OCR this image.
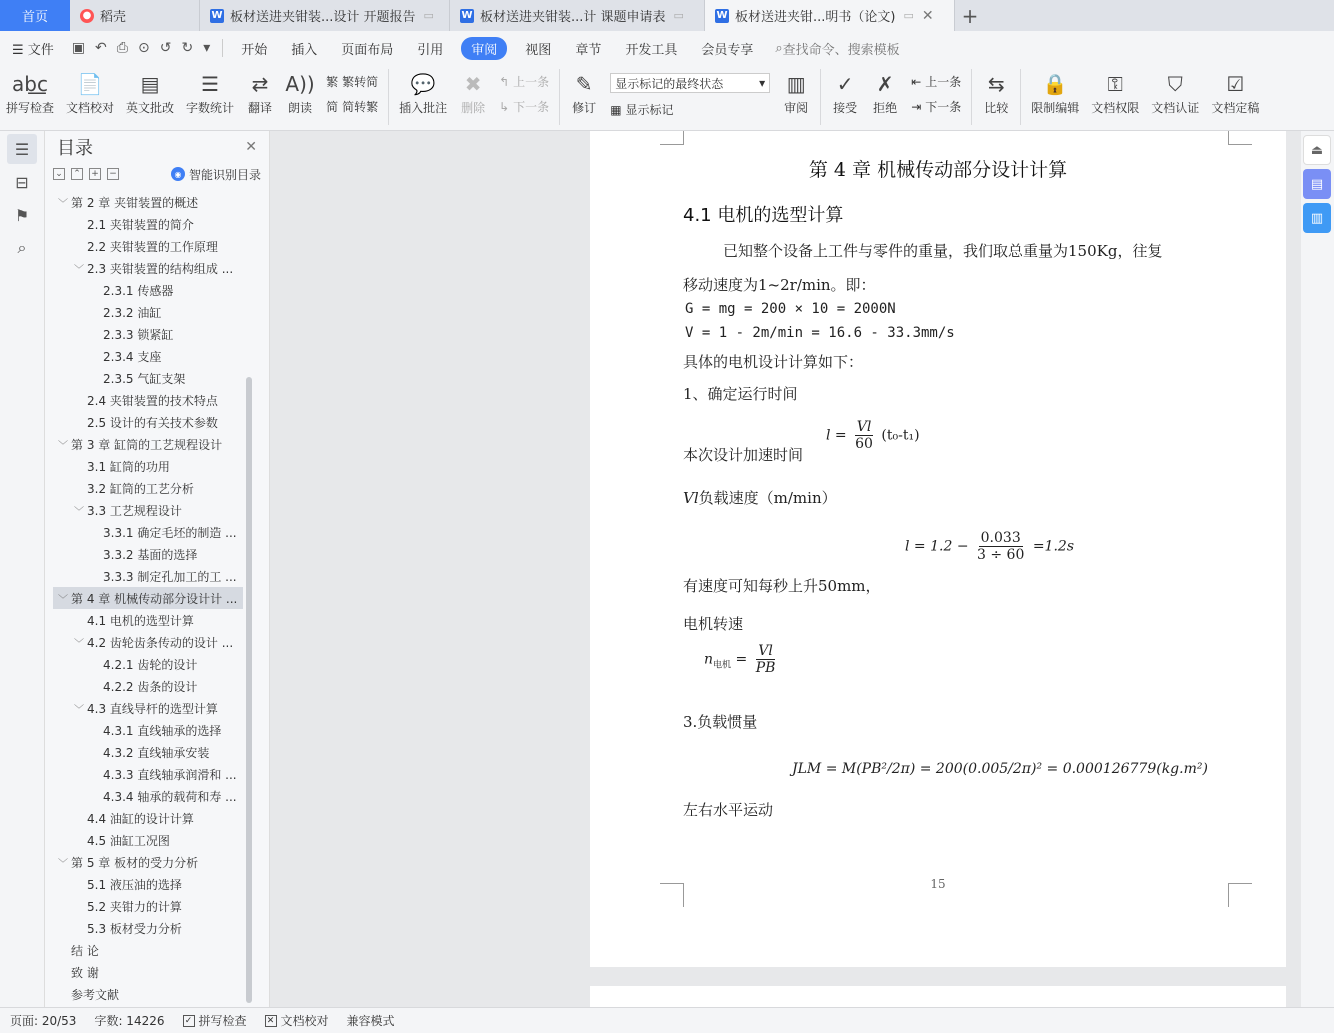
首页	● 稻壳	W 板材送进夹钳装...设计 开题报告 ▭	W 板材送进夹钳装...计 课题申请表 ▭	W 板材送进夹钳...明书（论文) ▭ ✕	+
☰ 文件	▣ ↶ ⎙ ⊙ ↺ ↻ ▾	开始	插入	页面布局	引用	审阅	视图	章节	开发工具	会员专享	⌕ 查找命令、搜索模板
ab͟c
拼写检查
📄
文档校对
▤
英文批改
☰
字数统计
⇄
翻译
A))
朗读
繁 繁转简
简 简转繁
💬
插入批注
✖
删除
↰ 上一条
↳ 下一条
✎
修订
显示标记的最终状态	▾
▦ 显示标记
▥
审阅
✓
接受
✗
拒绝
⇤ 上一条
⇥ 下一条
⇆
比较
🔒
限制编辑
⚿
文档权限
⛉
文档认证
☑
文档定稿
☰
⊟
⚑
⌕
目录	✕
⌄ ⌃ + −	◉ 智能识别目录
﹀ 第 2 章 夹钳装置的概述
2.1 夹钳装置的简介
2.2 夹钳装置的工作原理
﹀ 2.3 夹钳装置的结构组成 ...
2.3.1 传感器
2.3.2 油缸
2.3.3 锁紧缸
2.3.4 支座
2.3.5 气缸支架
2.4 夹钳装置的技术特点
2.5 设计的有关技术参数
﹀ 第 3 章 缸筒的工艺规程设计
3.1 缸筒的功用
3.2 缸筒的工艺分析
﹀ 3.3 工艺规程设计
3.3.1 确定毛坯的制造 ...
3.3.2 基面的选择
3.3.3 制定孔加工的工 ...
﹀ 第 4 章 机械传动部分设计计 ...
4.1 电机的选型计算
﹀ 4.2 齿轮齿条传动的设计 ...
4.2.1 齿轮的设计
4.2.2 齿条的设计
﹀ 4.3 直线导杆的选型计算
4.3.1 直线轴承的选择
4.3.2 直线轴承安装
4.3.3 直线轴承润滑和 ...
4.3.4 轴承的载荷和寿 ...
4.4 油缸的设计计算
4.5 油缸工况图
﹀ 第 5 章 板材的受力分析
5.1 液压油的选择
5.2 夹钳力的计算
5.3 板材受力分析
结 论
致 谢
参考文献
第 4 章 机械传动部分设计计算
4.1 电机的选型计算
已知整个设备上工件与零件的重量，我们取总重量为150Kg，往复
移动速度为1~2r/min。即：
G = mg = 200 × 10 = 2000N
V = 1 - 2m/min = 16.6 - 33.3mm/s
具体的电机设计计算如下：
1、确定运行时间
本次设计加速时间
$l = \frac{Vl}{60} (t_0-t_1)$
Vl负载速度（m/min）
$l = 1.2 - \frac{0.033}{3 \div 60} =1.2s$
有速度可知每秒上升50mm，
电机转速
$n_{电机} = \frac{Vl}{PB}$
3.负载惯量
JLM = M(PB²/2π) = 200(0.005/2π)² = 0.000126779(kg.m²)
左右水平运动
15
⏏
▤
▥
页面: 20/53 字数: 14226 ✓ 拼写检查 ✕ 文档校对 兼容模式
